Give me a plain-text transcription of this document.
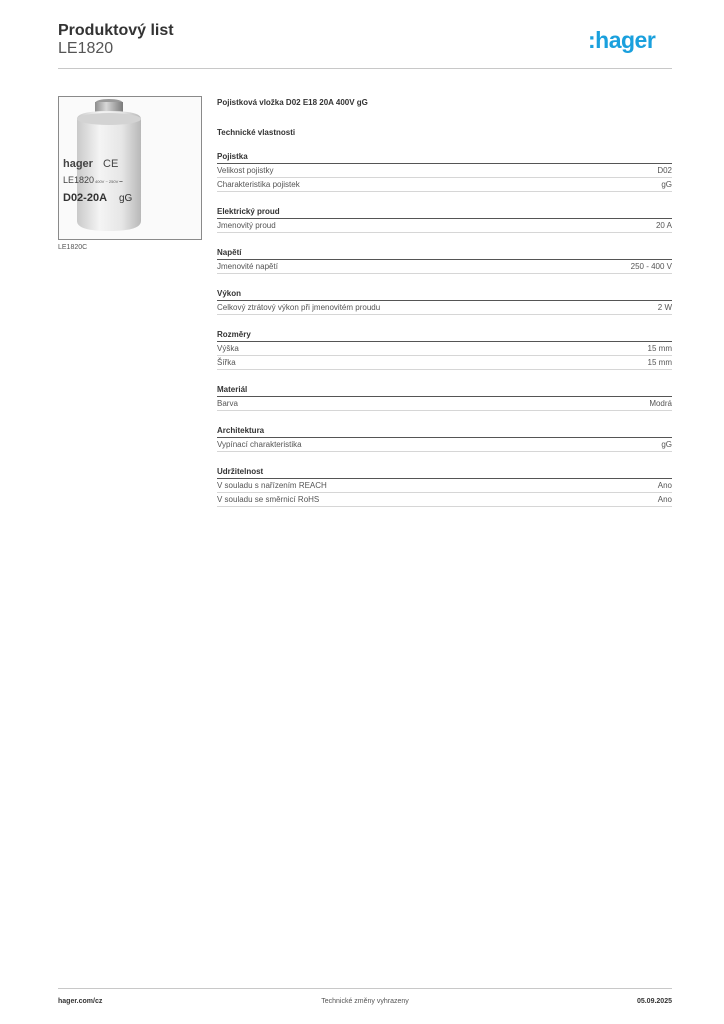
Produktový list
LE1820	:hager
hager CE
LE1820 400V ~ 250V ⎓
D02-20A gG
LE1820C
Pojistková vložka D02 E18 20A 400V gG
Technické vlastnosti
Pojistka
Velikost pojistky	D02
Charakteristika pojistek	gG
Elektrický proud
Jmenovitý proud	20 A
Napětí
Jmenovité napětí	250 - 400 V
Výkon
Celkový ztrátový výkon při jmenovitém proudu	2 W
Rozměry
Výška	15 mm
Šířka	15 mm
Materiál
Barva	Modrá
Architektura
Vypínací charakteristika	gG
Udržitelnost
V souladu s nařízením REACH	Ano
V souladu se směrnicí RoHS	Ano
hager.com/cz	Technické změny vyhrazeny	05.09.2025
